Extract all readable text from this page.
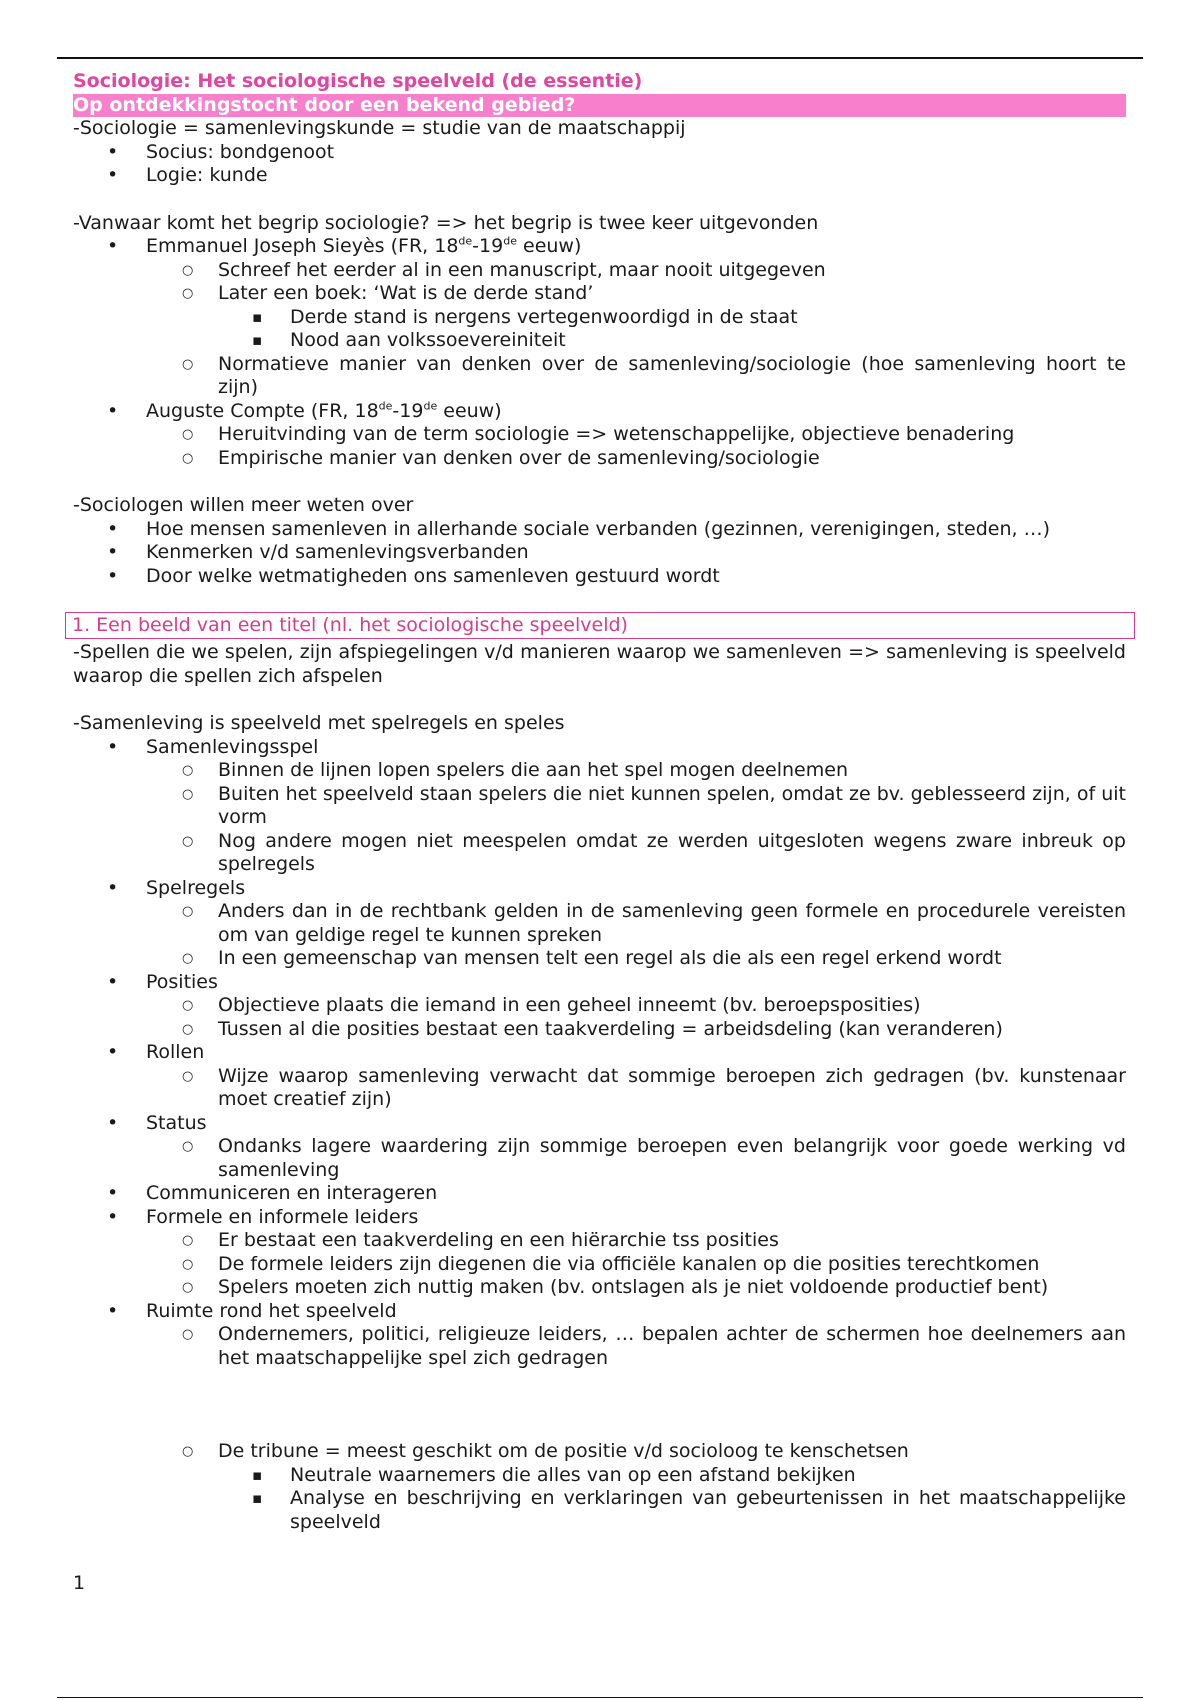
Sociologie: Het sociologische speelveld (de essentie)
Op ontdekkingstocht door een bekend gebied?

-Sociologie = samenlevingskunde = studie van de maatschappij

• Socius: bondgenoot
• Logie: kunde

-Vanwaar komt het begrip sociologie? => het begrip is twee keer uitgevonden

• Emmanuel Joseph Sieyès (FR, 18de-19de eeuw)
○ Schreef het eerder al in een manuscript, maar nooit uitgegeven
○ Later een boek: ‘Wat is de derde stand’
▪ Derde stand is nergens vertegenwoordigd in de staat
▪ Nood aan volkssoevereiniteit
○ Normatieve manier van denken over de samenleving/sociologie (hoe samenleving hoort te zijn)
• Auguste Compte (FR, 18de-19de eeuw)
○ Heruitvinding van de term sociologie => wetenschappelijke, objectieve benadering
○ Empirische manier van denken over de samenleving/sociologie

-Sociologen willen meer weten over

• Hoe mensen samenleven in allerhande sociale verbanden (gezinnen, verenigingen, steden, …)
• Kenmerken v/d samenlevingsverbanden
• Door welke wetmatigheden ons samenleven gestuurd wordt
1. Een beeld van een titel (nl. het sociologische speelveld)

-Spellen die we spelen, zijn afspiegelingen v/d manieren waarop we samenleven => samenleving is speelveld waarop die spellen zich afspelen

-Samenleving is speelveld met spelregels en speles

• Samenlevingsspel
○ Binnen de lijnen lopen spelers die aan het spel mogen deelnemen
○ Buiten het speelveld staan spelers die niet kunnen spelen, omdat ze bv. geblesseerd zijn, of uit vorm
○ Nog andere mogen niet meespelen omdat ze werden uitgesloten wegens zware inbreuk op spelregels
• Spelregels
○ Anders dan in de rechtbank gelden in de samenleving geen formele en procedurele vereisten om van geldige regel te kunnen spreken
○ In een gemeenschap van mensen telt een regel als die als een regel erkend wordt
• Posities
○ Objectieve plaats die iemand in een geheel inneemt (bv. beroepsposities)
○ Tussen al die posities bestaat een taakverdeling = arbeidsdeling (kan veranderen)
• Rollen
○ Wijze waarop samenleving verwacht dat sommige beroepen zich gedragen (bv. kunstenaar moet creatief zijn)
• Status
○ Ondanks lagere waardering zijn sommige beroepen even belangrijk voor goede werking vd samenleving
• Communiceren en interageren
• Formele en informele leiders
○ Er bestaat een taakverdeling en een hiërarchie tss posities
○ De formele leiders zijn diegenen die via officiële kanalen op die posities terechtkomen
○ Spelers moeten zich nuttig maken (bv. ontslagen als je niet voldoende productief bent)
• Ruimte rond het speelveld
○ Ondernemers, politici, religieuze leiders, … bepalen achter de schermen hoe deelnemers aan het maatschappelijke spel zich gedragen
○ De tribune = meest geschikt om de positie v/d socioloog te kenschetsen
▪ Neutrale waarnemers die alles van op een afstand bekijken
▪ Analyse en beschrijving en verklaringen van gebeurtenissen in het maatschappelijke speelveld
1
